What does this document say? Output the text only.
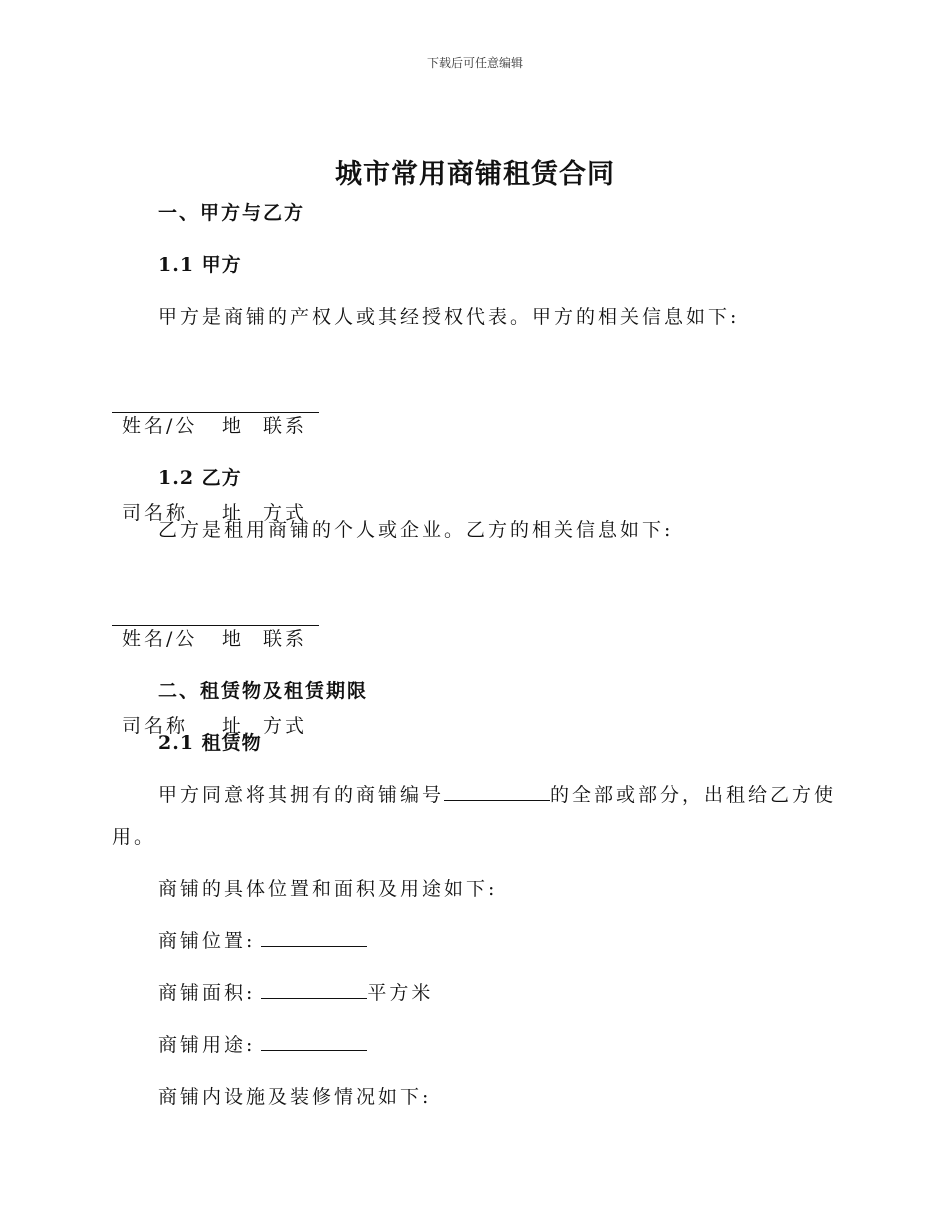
下载后可任意编辑
城市常用商铺租赁合同
一、甲方与乙方
1.1 甲方
甲方是商铺的产权人或其经授权代表。甲方的相关信息如下:

姓名/公

司名称

地

址

联系

方式

1.2 乙方
乙方是租用商铺的个人或企业。乙方的相关信息如下:

姓名/公

司名称

地

址

联系

方式

二、租赁物及租赁期限
2.1 租赁物
甲方同意将其拥有的商铺编号	的全部或部分，出租给乙方使
用。
商铺的具体位置和面积及用途如下:
商铺位置:
商铺面积:	平方米
商铺用途:
商铺内设施及装修情况如下:
